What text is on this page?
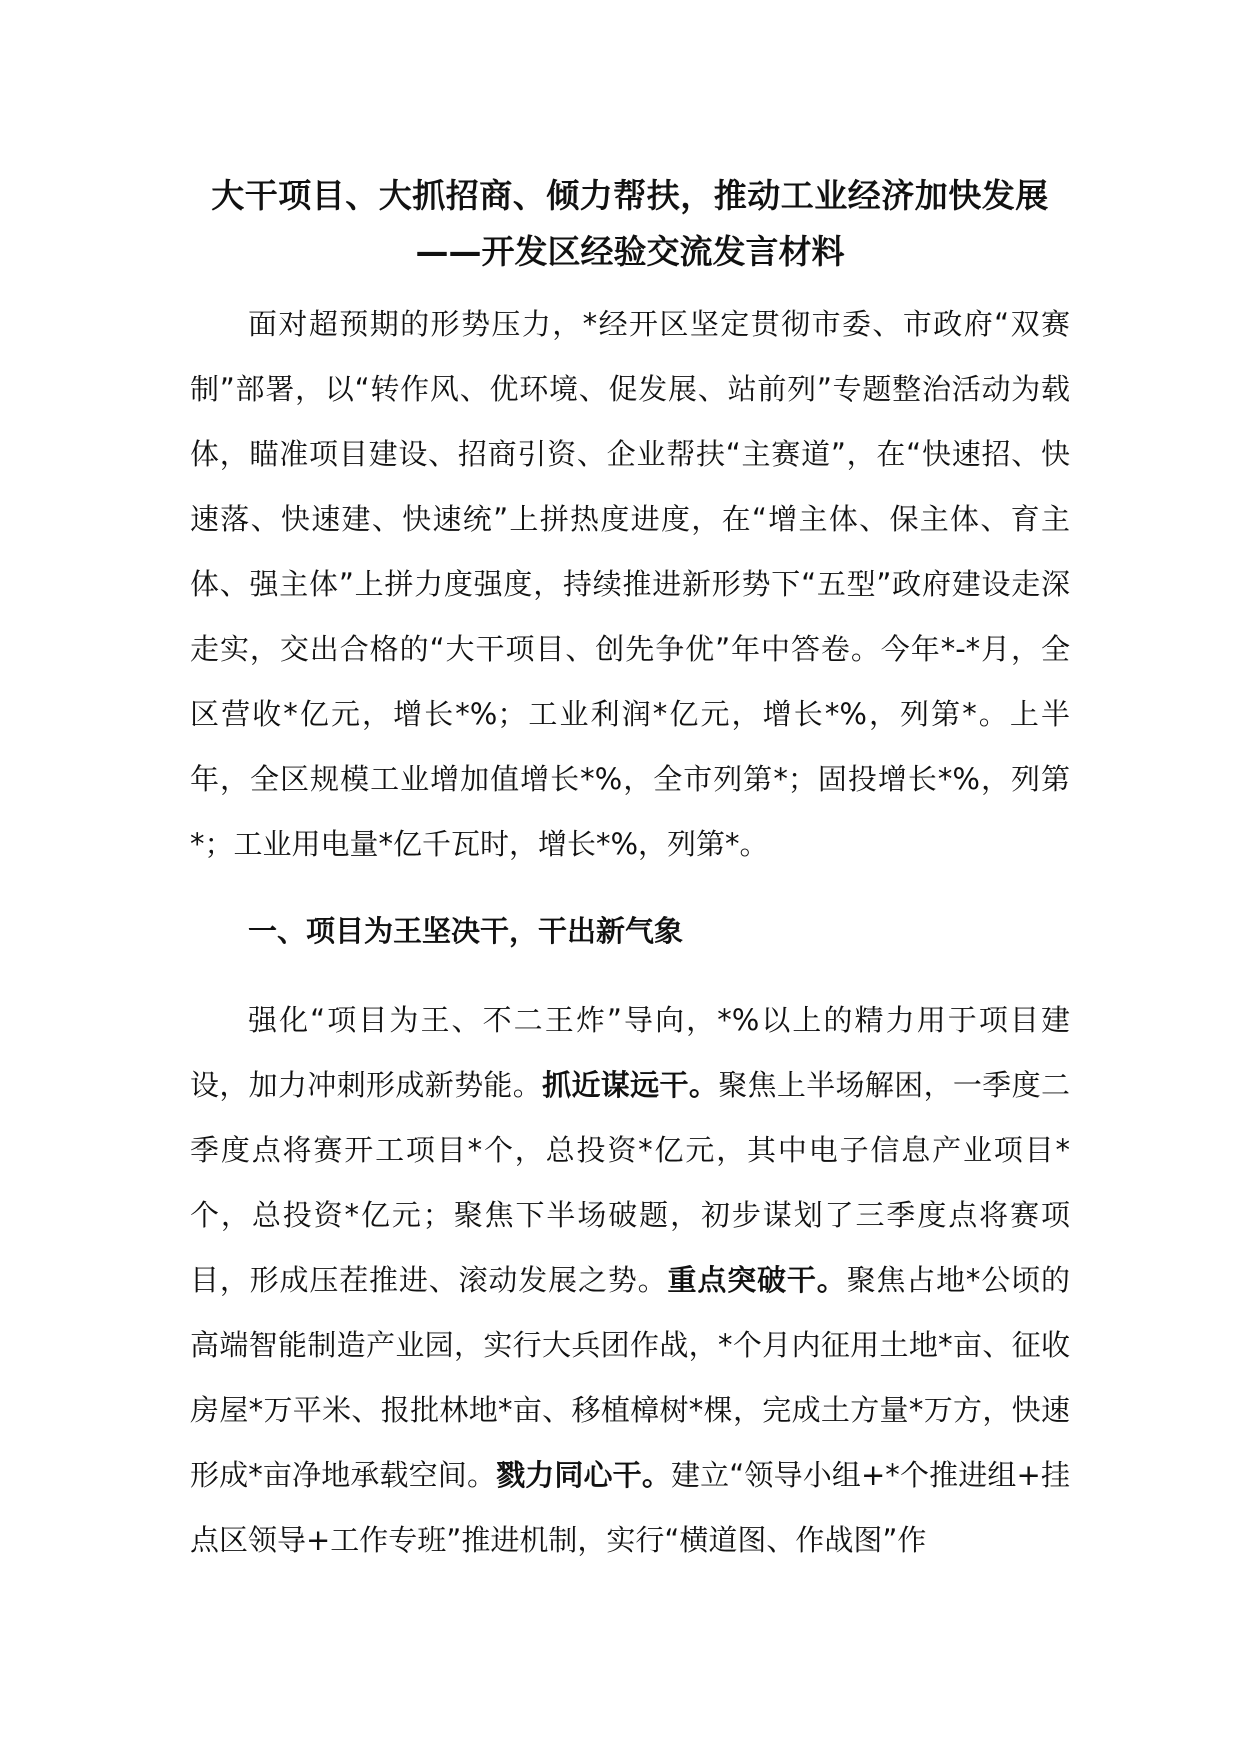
大干项目、大抓招商、倾力帮扶，推动工业经济加快发展
——开发区经验交流发言材料

面对超预期的形势压力，*经开区坚定贯彻市委、市政府“双赛制”部署，以“转作风、优环境、促发展、站前列”专题整治活动为载体，瞄准项目建设、招商引资、企业帮扶“主赛道”，在“快速招、快速落、快速建、快速统”上拼热度进度，在“增主体、保主体、育主体、强主体”上拼力度强度，持续推进新形势下“五型”政府建设走深走实，交出合格的“大干项目、创先争优”年中答卷。今年*-*月，全区营收*亿元，增长*%；工业利润*亿元，增长*%，列第*。上半年，全区规模工业增加值增长*%，全市列第*；固投增长*%，列第*；工业用电量*亿千瓦时，增长*%，列第*。

一、项目为王坚决干，干出新气象

强化“项目为王、不二王炸”导向，*%以上的精力用于项目建设，加力冲刺形成新势能。抓近谋远干。聚焦上半场解困，一季度二季度点将赛开工项目*个，总投资*亿元，其中电子信息产业项目*个，总投资*亿元；聚焦下半场破题，初步谋划了三季度点将赛项目，形成压茬推进、滚动发展之势。重点突破干。聚焦占地*公顷的高端智能制造产业园，实行大兵团作战，*个月内征用土地*亩、征收房屋*万平米、报批林地*亩、移植樟树*棵，完成土方量*万方，快速形成*亩净地承载空间。戮力同心干。建立“领导小组+*个推进组+挂点区领导+工作专班”推进机制，实行“横道图、作战图”作
